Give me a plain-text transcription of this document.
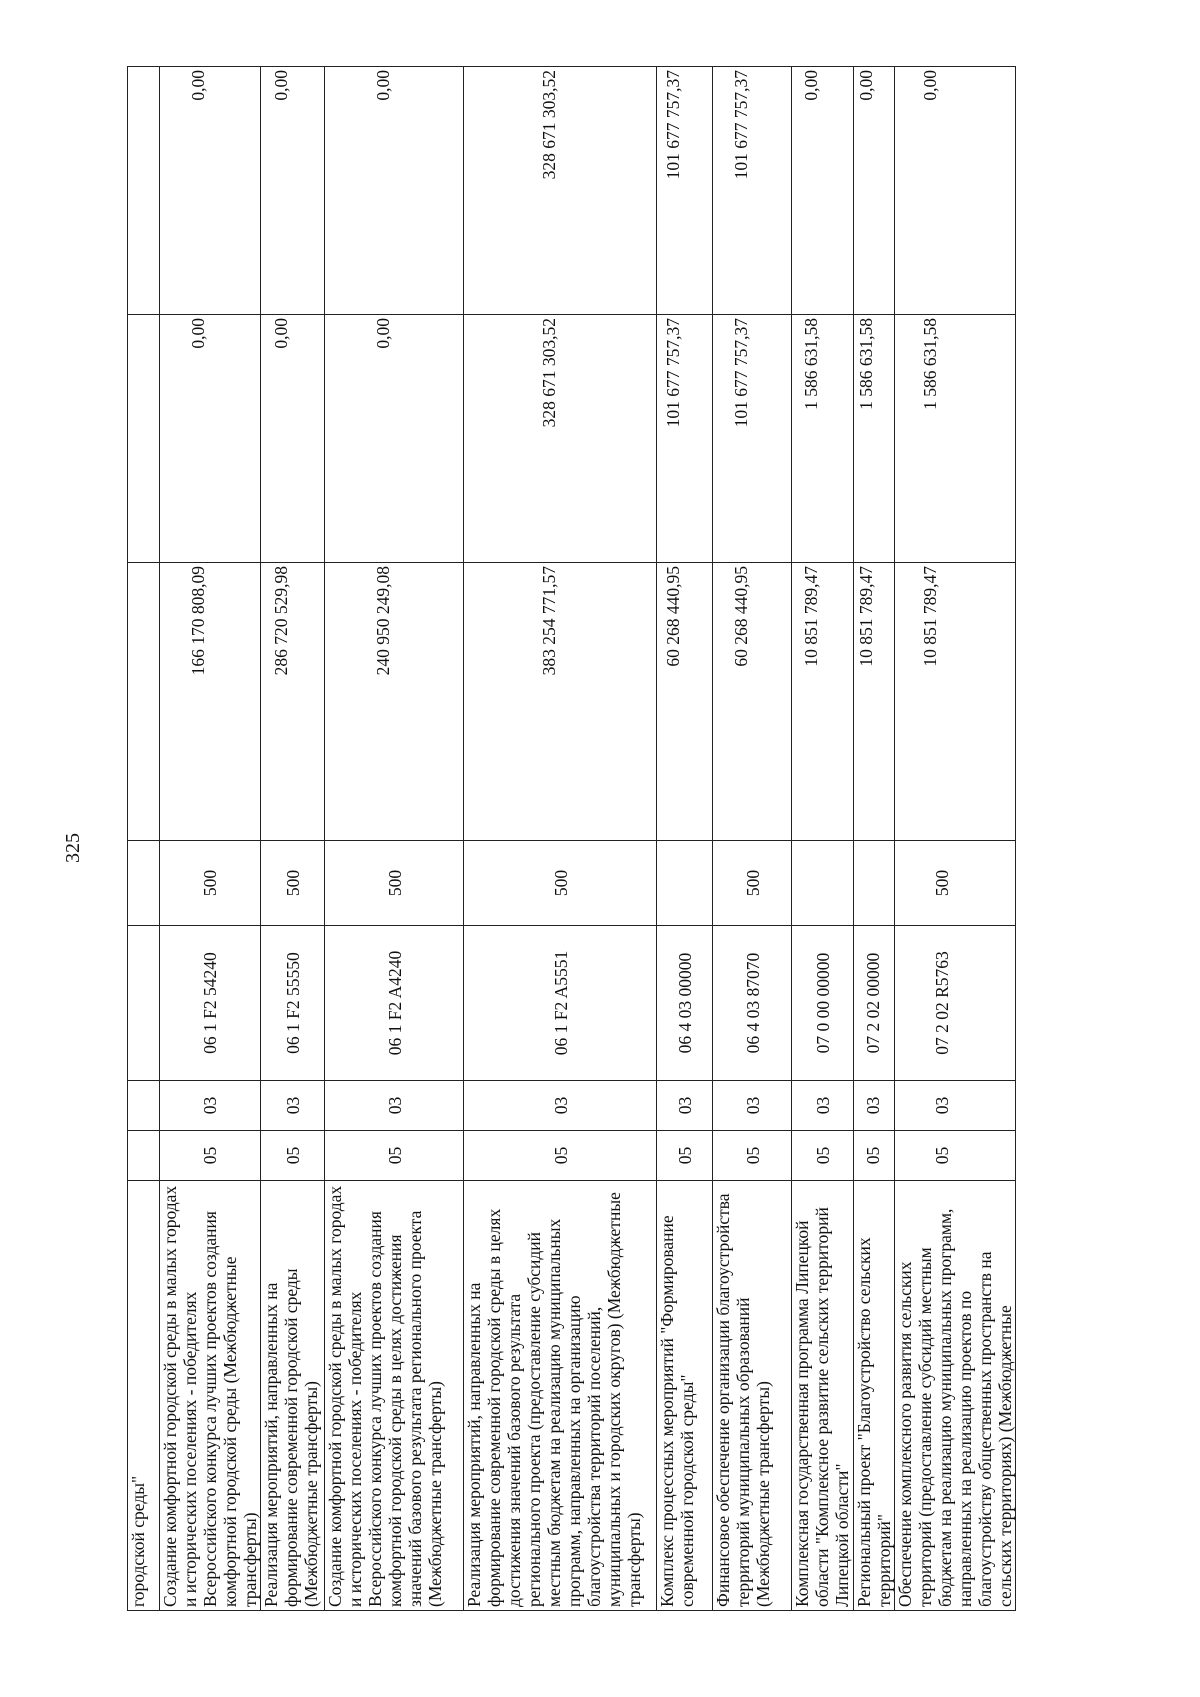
325
городской среды"							
Создание комфортной городской среды в малых городах и исторических поселениях - победителях Всероссийского конкурса лучших проектов создания комфортной городской среды (Межбюджетные трансферты)	05	03	06 1 F2 54240	500	166 170 808,09	0,00	0,00
Реализация мероприятий, направленных на формирование современной городской среды (Межбюджетные трансферты)	05	03	06 1 F2 55550	500	286 720 529,98	0,00	0,00
Создание комфортной городской среды в малых городах и исторических поселениях - победителях Всероссийского конкурса лучших проектов создания комфортной городской среды в целях достижения значений базового результата регионального проекта (Межбюджетные трансферты)	05	03	06 1 F2 A4240	500	240 950 249,08	0,00	0,00
Реализация мероприятий, направленных на формирование современной городской среды в целях достижения значений базового результата регионального проекта (предоставление субсидий местным бюджетам на реализацию муниципальных программ, направленных на организацию благоустройства территорий поселений, муниципальных и городских округов) (Межбюджетные трансферты)	05	03	06 1 F2 A5551	500	383 254 771,57	328 671 303,52	328 671 303,52
Комплекс процессных мероприятий "Формирование современной городской среды"	05	03	06 4 03 00000		60 268 440,95	101 677 757,37	101 677 757,37
Финансовое обеспечение организации благоустройства территорий муниципальных образований (Межбюджетные трансферты)	05	03	06 4 03 87070	500	60 268 440,95	101 677 757,37	101 677 757,37
Комплексная государственная программа Липецкой области "Комплексное развитие сельских территорий Липецкой области"	05	03	07 0 00 00000		10 851 789,47	1 586 631,58	0,00
Региональный проект "Благоустройство сельских территорий"	05	03	07 2 02 00000		10 851 789,47	1 586 631,58	0,00
Обеспечение комплексного развития сельских территорий (предоставление субсидий местным бюджетам на реализацию муниципальных программ, направленных на реализацию проектов по благоустройству общественных пространств на сельских территориях) (Межбюджетные	05	03	07 2 02 R5763	500	10 851 789,47	1 586 631,58	0,00
